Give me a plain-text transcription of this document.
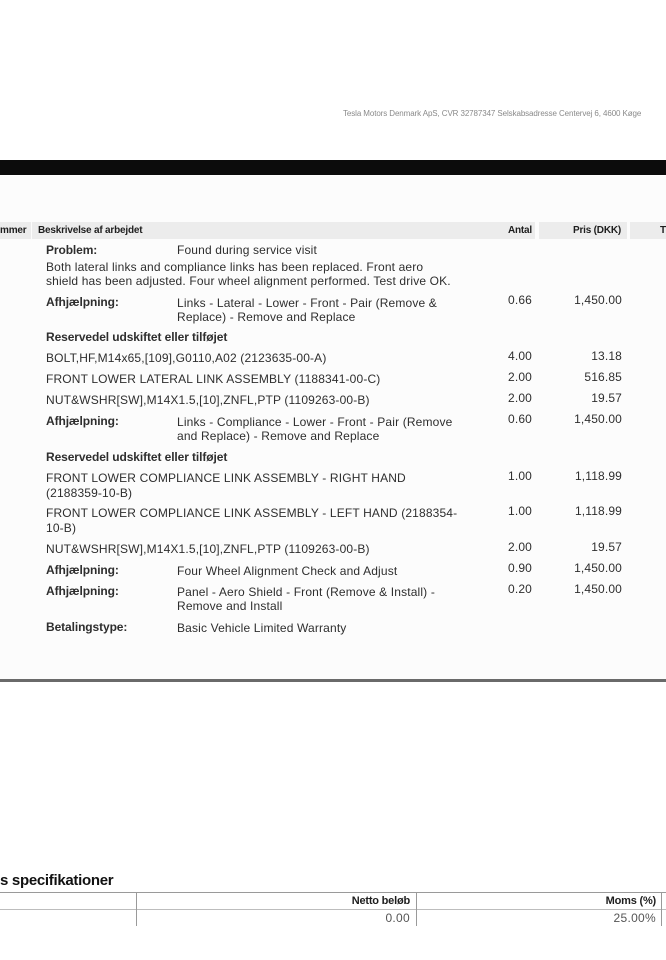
Tesla Motors Denmark ApS, CVR 32787347 Selskabsadresse Centervej 6, 4600 Køge
mmer	Beskrivelse af arbejdet	Antal	Pris (DKK)	T
Problem:	Found during service visit
Both lateral links and compliance links has been replaced. Front aero
shield has been adjusted. Four wheel alignment performed. Test drive OK.
Afhjælpning:	Links - Lateral - Lower - Front - Pair (Remove &
Replace) - Remove and Replace
0.66	1,450.00
Reservedel udskiftet eller tilføjet
BOLT,HF,M14x65,[109],G0110,A02 (2123635-00-A)	4.00	13.18
FRONT LOWER LATERAL LINK ASSEMBLY (1188341-00-C)	2.00	516.85
NUT&WSHR[SW],M14X1.5,[10],ZNFL,PTP (1109263-00-B)	2.00	19.57
Afhjælpning:	Links - Compliance - Lower - Front - Pair (Remove
and Replace) - Remove and Replace
0.60	1,450.00
Reservedel udskiftet eller tilføjet
FRONT LOWER COMPLIANCE LINK ASSEMBLY - RIGHT HAND
(2188359-10-B)
1.00	1,118.99
FRONT LOWER COMPLIANCE LINK ASSEMBLY - LEFT HAND (2188354-
10-B)
1.00	1,118.99
NUT&WSHR[SW],M14X1.5,[10],ZNFL,PTP (1109263-00-B)	2.00	19.57
Afhjælpning:	Four Wheel Alignment Check and Adjust	0.90	1,450.00
Afhjælpning:	Panel - Aero Shield - Front (Remove & Install) -
Remove and Install
0.20	1,450.00
Betalingstype:	Basic Vehicle Limited Warranty
s specifikationer
Netto beløb	Moms (%)
0.00	25.00%
